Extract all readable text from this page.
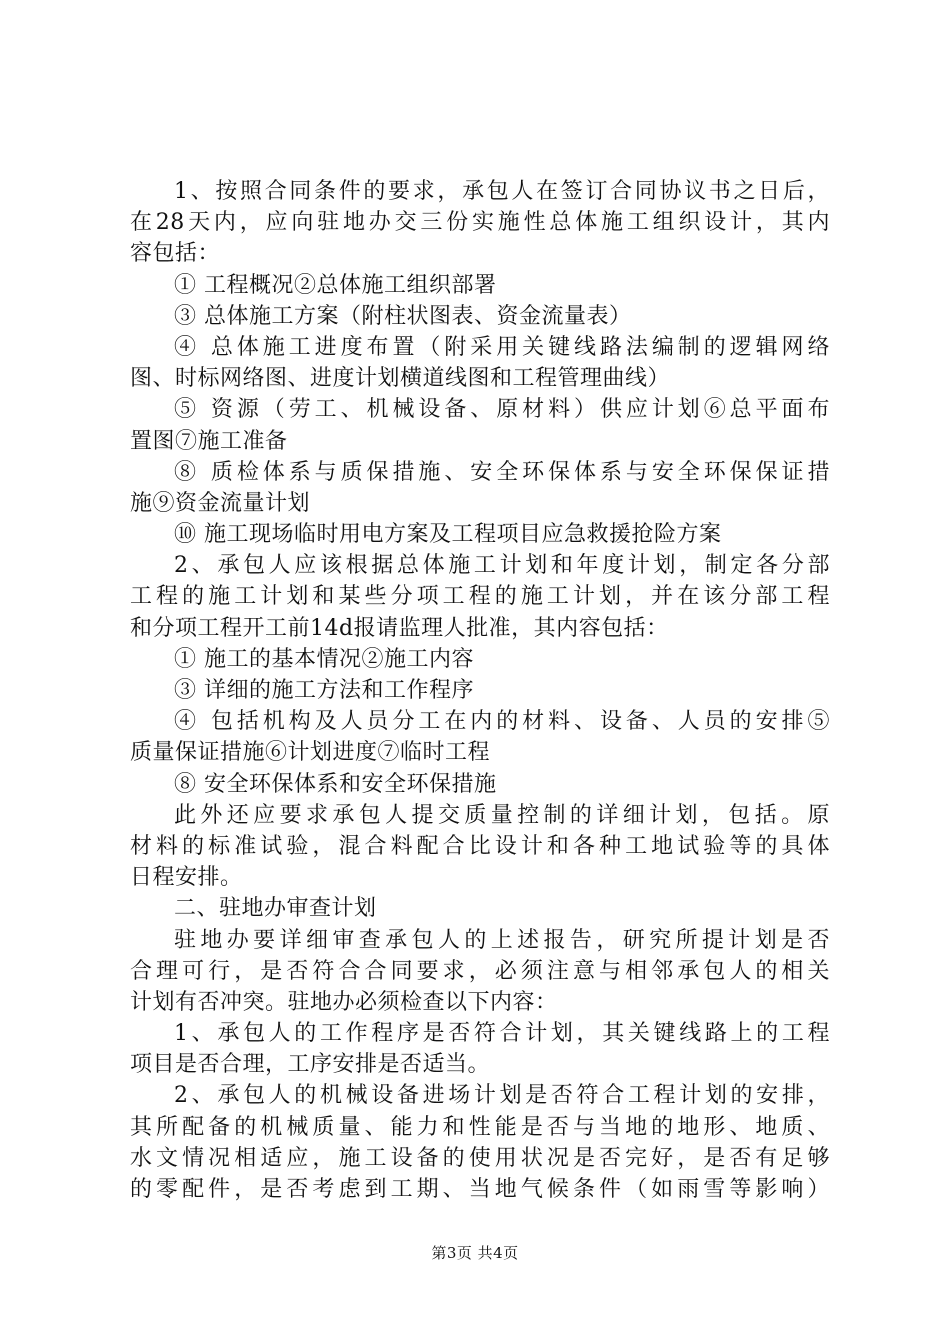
1、按照合同条件的要求，承包人在签订合同协议书之日后，
在28天内，应向驻地办交三份实施性总体施工组织设计，其内
容包括：
① 工程概况②总体施工组织部署
③ 总体施工方案（附柱状图表、资金流量表）
④ 总体施工进度布置（附采用关键线路法编制的逻辑网络
图、时标网络图、进度计划横道线图和工程管理曲线）
⑤ 资源（劳工、机械设备、原材料）供应计划⑥总平面布
置图⑦施工准备
⑧ 质检体系与质保措施、安全环保体系与安全环保保证措
施⑨资金流量计划
⑩ 施工现场临时用电方案及工程项目应急救援抢险方案
2、承包人应该根据总体施工计划和年度计划，制定各分部
工程的施工计划和某些分项工程的施工计划，并在该分部工程
和分项工程开工前14d报请监理人批准，其内容包括：
① 施工的基本情况②施工内容
③ 详细的施工方法和工作程序
④ 包括机构及人员分工在内的材料、设备、人员的安排⑤
质量保证措施⑥计划进度⑦临时工程
⑧ 安全环保体系和安全环保措施
此外还应要求承包人提交质量控制的详细计划，包括。原
材料的标准试验，混合料配合比设计和各种工地试验等的具体
日程安排。
二、驻地办审查计划
驻地办要详细审查承包人的上述报告，研究所提计划是否
合理可行，是否符合合同要求，必须注意与相邻承包人的相关
计划有否冲突。驻地办必须检查以下内容：
1、承包人的工作程序是否符合计划，其关键线路上的工程
项目是否合理，工序安排是否适当。
2、承包人的机械设备进场计划是否符合工程计划的安排，
其所配备的机械质量、能力和性能是否与当地的地形、地质、
水文情况相适应，施工设备的使用状况是否完好，是否有足够
的零配件，是否考虑到工期、当地气候条件（如雨雪等影响）
第3页 共4页
